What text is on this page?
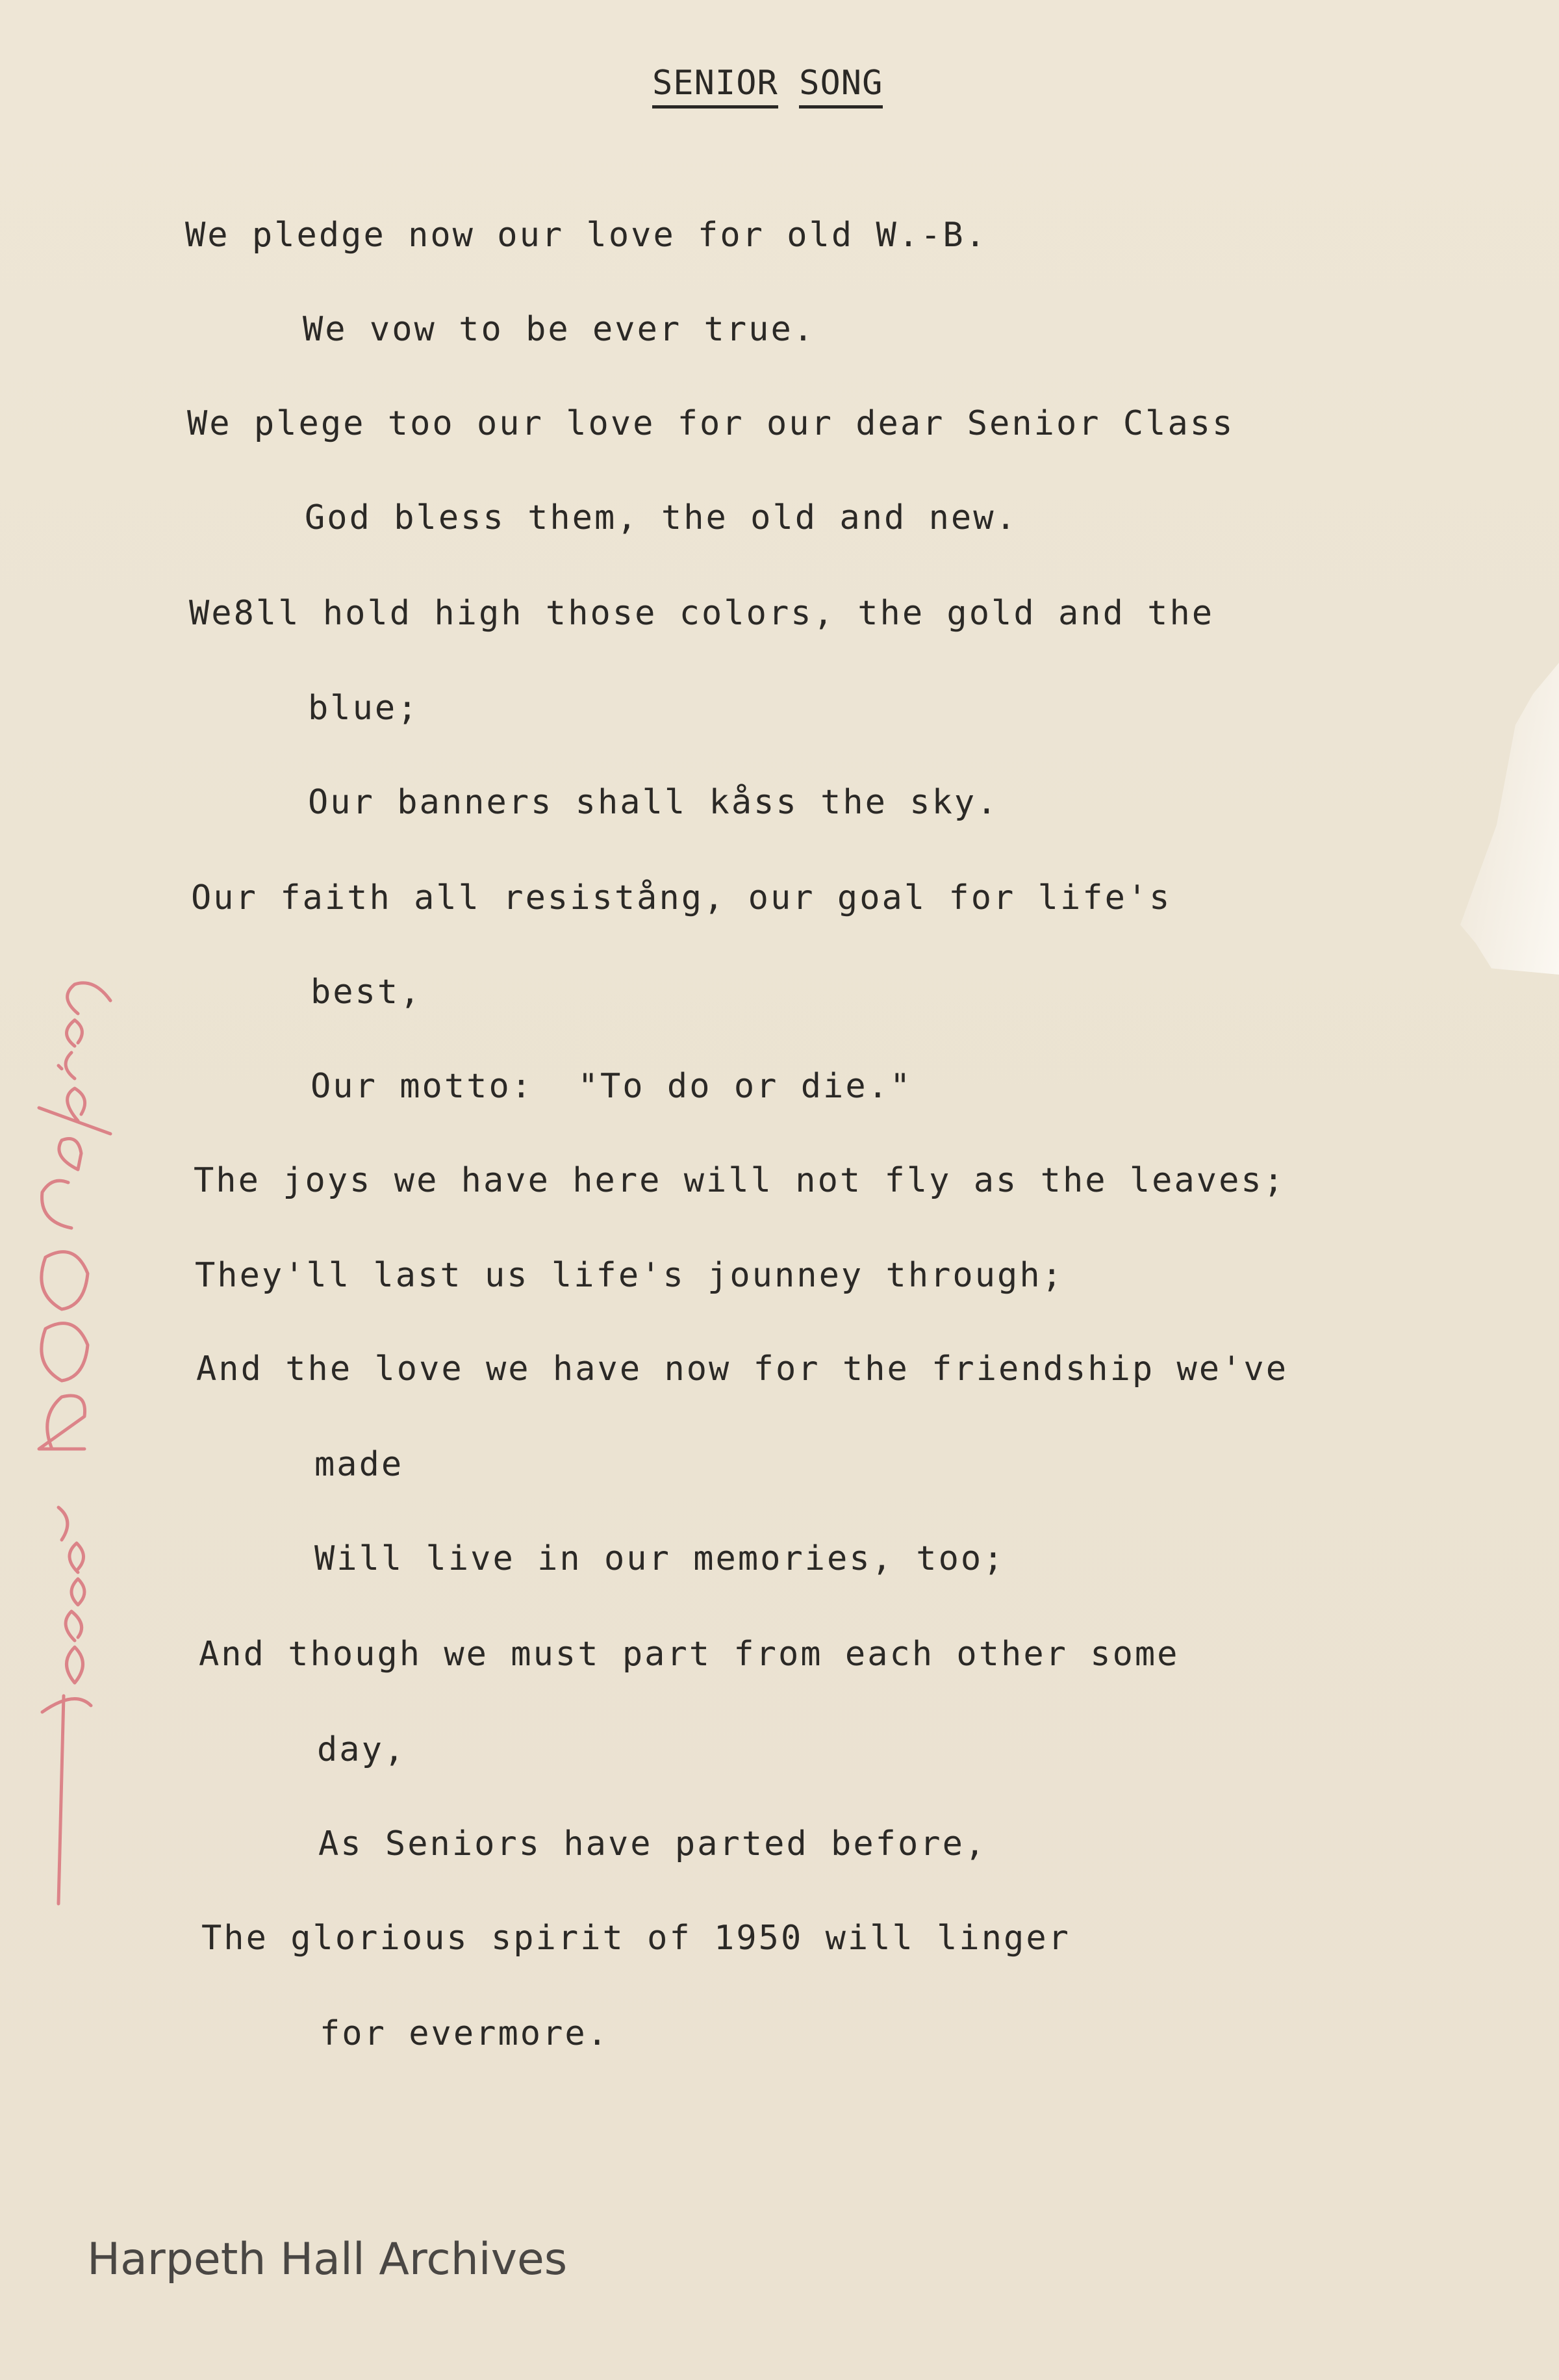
SENIOR SONG
We pledge now our love for old W.-B.
We vow to be ever true.
We plege too our love for our dear Senior Class
God bless them, the old and new.
We8ll hold high those colors, the gold and the
blue;
Our banners shall kåss the sky.
Our faith all resistång, our goal for life's
best,
Our motto:  "To do or die."
The joys we have here will not fly as the leaves;
They'll last us life's jounney through;
And the love we have now for the friendship we've
made
Will live in our memories, too;
And though we must part from each other some
day,
As Seniors have parted before,
The glorious spirit of 1950 will linger
for evermore.
Harpeth Hall Archives
